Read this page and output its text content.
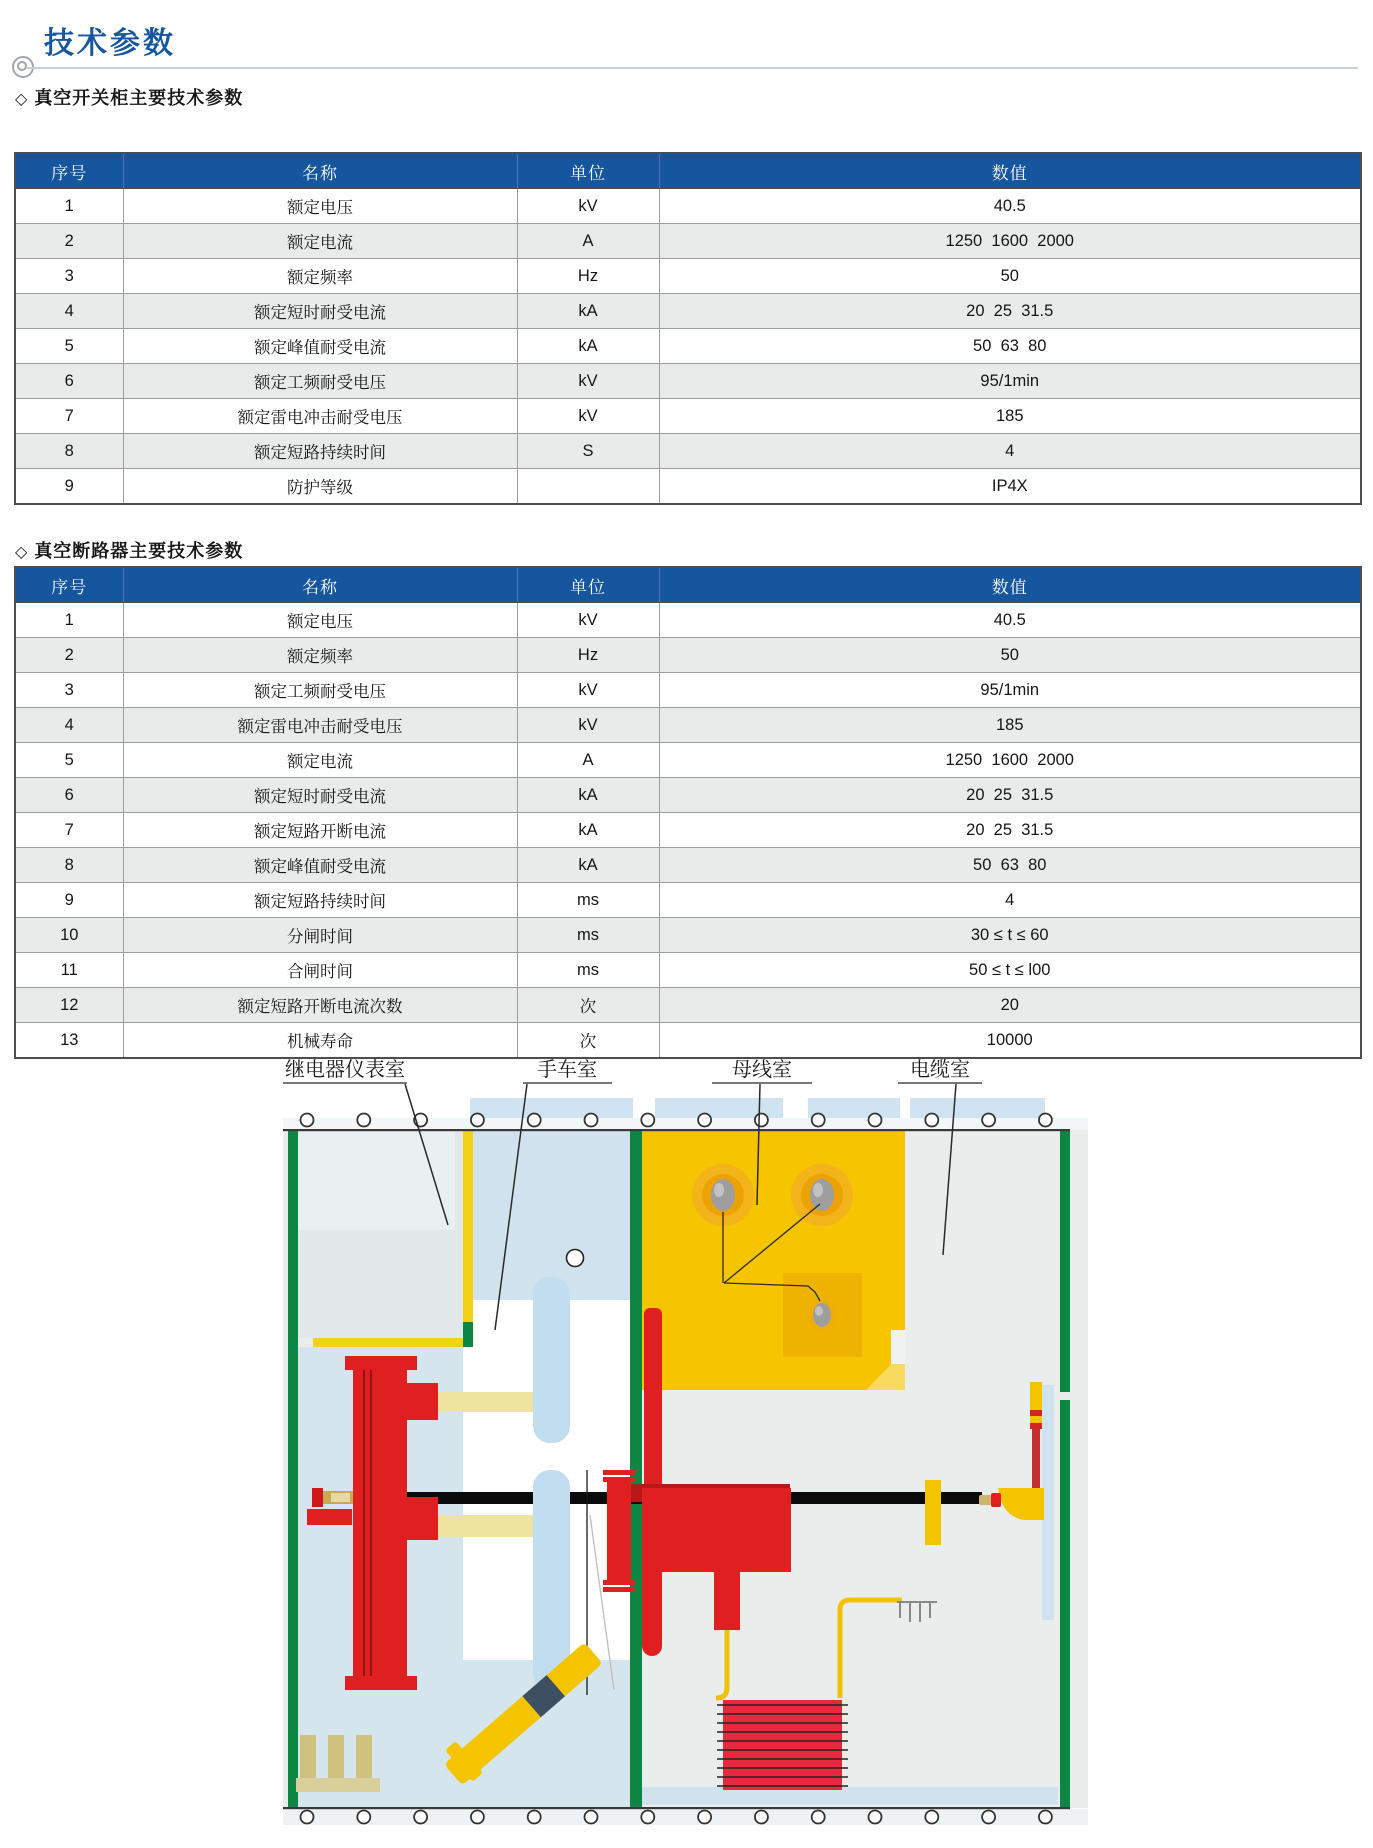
技术参数
◇ 真空开关柜主要技术参数
序号	名称	单位	数值
1	额定电压	kV	40.5
2	额定电流	A	1250  1600  2000
3	额定频率	Hz	50
4	额定短时耐受电流	kA	20  25  31.5
5	额定峰值耐受电流	kA	50  63  80
6	额定工频耐受电压	kV	95/1min
7	额定雷电冲击耐受电压	kV	185
8	额定短路持续时间	S	4
9	防护等级		IP4X
◇ 真空断路器主要技术参数
序号	名称	单位	数值
1	额定电压	kV	40.5
2	额定频率	Hz	50
3	额定工频耐受电压	kV	95/1min
4	额定雷电冲击耐受电压	kV	185
5	额定电流	A	1250  1600  2000
6	额定短时耐受电流	kA	20  25  31.5
7	额定短路开断电流	kA	20  25  31.5
8	额定峰值耐受电流	kA	50  63  80
9	额定短路持续时间	ms	4
10	分闸时间	ms	30 ≤ t ≤ 60
11	合闸时间	ms	50 ≤ t ≤ l00
12	额定短路开断电流次数	次	20
13	机械寿命	次	10000
继电器仪表室	手车室	母线室	电缆室
